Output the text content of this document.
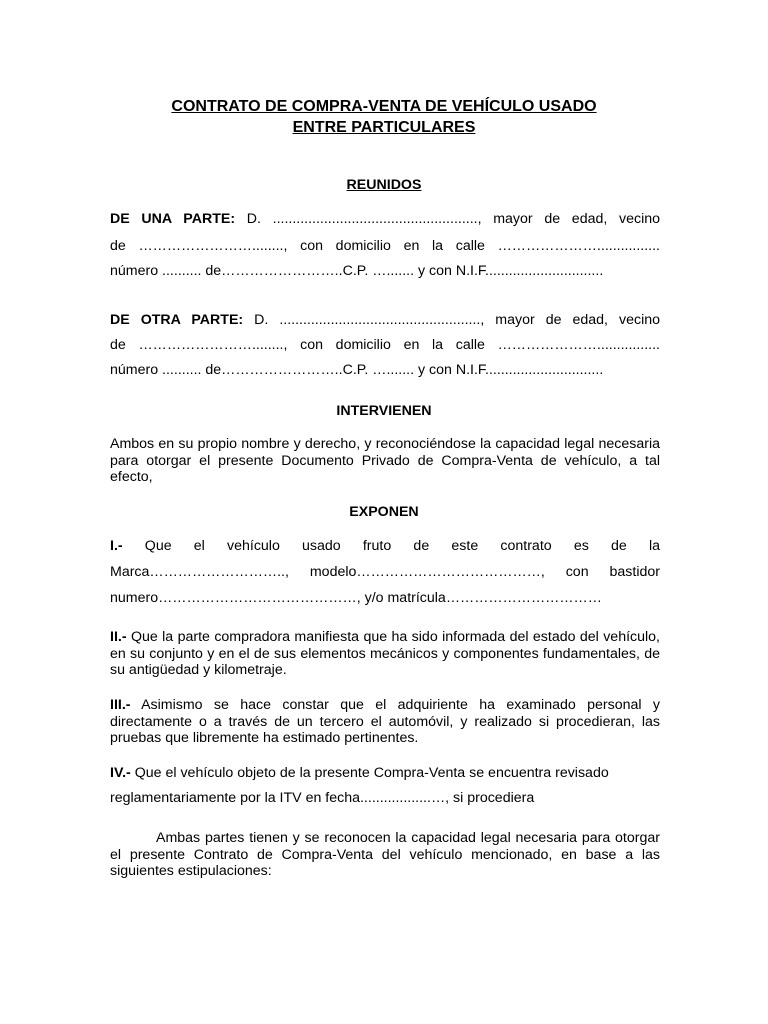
CONTRATO DE COMPRA-VENTA DE VEHÍCULO USADO
ENTRE PARTICULARES
REUNIDOS
DE UNA PARTE: D. ...................................................., mayor de edad, vecino
de ……………………........, con domicilio en la calle …………………................
número .......... de……………………..C.P. …....... y con N.I.F..............................
DE OTRA PARTE: D. ..................................................., mayor de edad, vecino
de ……………………........, con domicilio en la calle …………………................
número .......... de……………………..C.P. …....... y con N.I.F..............................
INTERVIENEN
Ambos en su propio nombre y derecho, y reconociéndose la capacidad legal necesaria para otorgar el presente Documento Privado de Compra-Venta de vehículo, a tal efecto,
EXPONEN
I.- Que el vehículo usado fruto de este contrato es de la
Marca……………………….., modelo…………………………………, con bastidor
numero……………………………………, y/o matrícula……………………………
II.- Que la parte compradora manifiesta que ha sido informada del estado del vehículo, en su conjunto y en el de sus elementos mecánicos y componentes fundamentales, de su antigüedad y kilometraje.
III.- Asimismo se hace constar que el adquiriente ha examinado personal y directamente o a través de un tercero el automóvil, y realizado si procedieran, las pruebas que libremente ha estimado pertinentes.
IV.- Que el vehículo objeto de la presente Compra-Venta se encuentra revisado
reglamentariamente por la ITV en fecha..................…, si procediera
Ambas partes tienen y se reconocen la capacidad legal necesaria para otorgar el presente Contrato de Compra-Venta del vehículo mencionado, en base a las siguientes estipulaciones:
